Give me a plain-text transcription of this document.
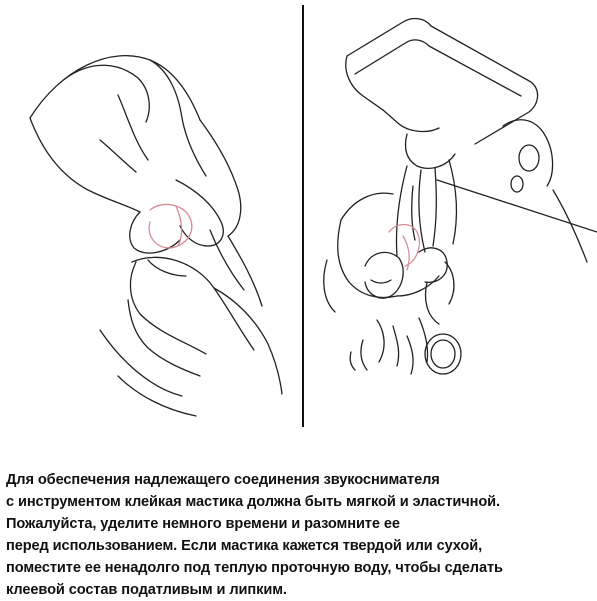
Для обеспечения надлежащего соединения звукоснимателя
с инструментом клейкая мастика должна быть мягкой и эластичной.
Пожалуйста, уделите немного времени и разомните ее
перед использованием. Если мастика кажется твердой или сухой,
поместите ее ненадолго под теплую проточную воду, чтобы сделать
клеевой состав податливым и липким.
